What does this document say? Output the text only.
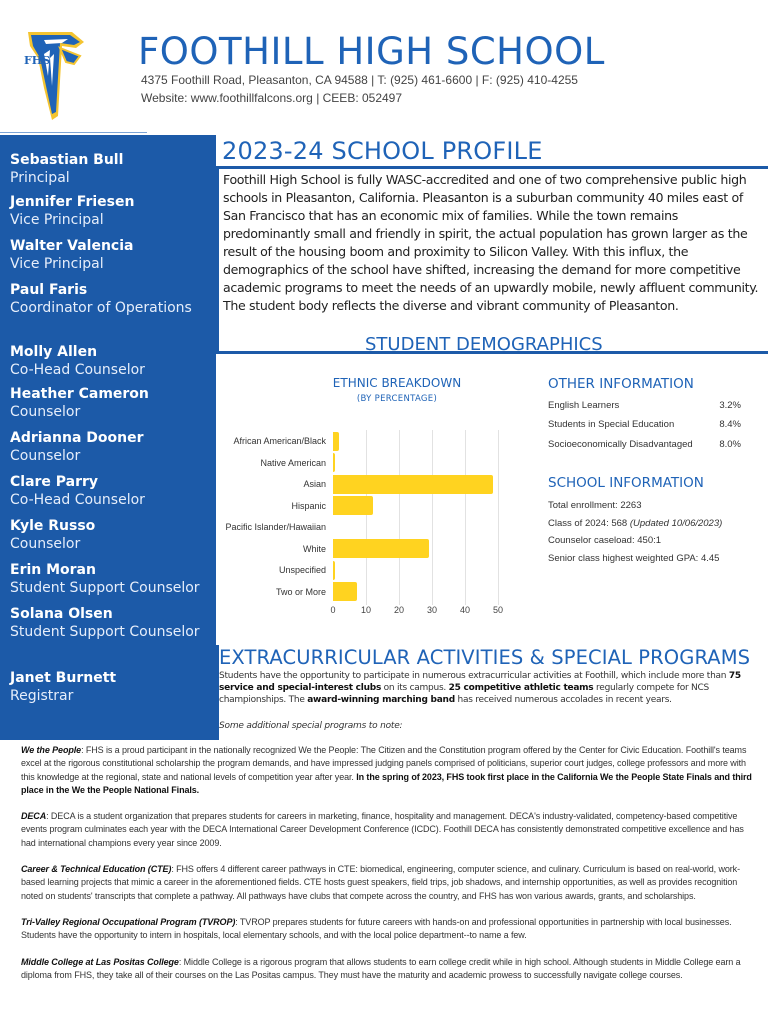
FHS FOOTHILL HIGH SCHOOL
4375 Foothill Road, Pleasanton, CA 94588 | T: (925) 461-6600 | F: (925) 410-4255
Website: www.foothillfalcons.org | CEEB: 052497
Sebastian Bull
Principal
Jennifer Friesen
Vice Principal
Walter Valencia
Vice Principal
Paul Faris
Coordinator of Operations
Molly Allen
Co-Head Counselor
Heather Cameron
Counselor
Adrianna Dooner
Counselor
Clare Parry
Co-Head Counselor
Kyle Russo
Counselor
Erin Moran
Student Support Counselor
Solana Olsen
Student Support Counselor
Janet Burnett
Registrar
2023-24 SCHOOL PROFILE
Foothill High School is fully WASC-accredited and one of two comprehensive public high schools in Pleasanton, California. Pleasanton is a suburban community 40 miles east of San Francisco that has an economic mix of families. While the town remains predominantly small and friendly in spirit, the actual population has grown larger as the result of the housing boom and proximity to Silicon Valley. With this influx, the demographics of the school have shifted, increasing the demand for more competitive academic programs to meet the needs of an upwardly mobile, newly affluent community. The student body reflects the diverse and vibrant community of Pleasanton.
STUDENT DEMOGRAPHICS
ETHNIC BREAKDOWN
(BY PERCENTAGE)
African American/Black
Native American
Asian
Hispanic
Pacific Islander/Hawaiian
White
Unspecified
Two or More
0	10	20	30	40	50
OTHER INFORMATION
English Learners	3.2%
Students in Special Education	8.4%
Socioeconomically Disadvantaged	8.0%
SCHOOL INFORMATION
Total enrollment: 2263
Class of 2024: 568 (Updated 10/06/2023)
Counselor caseload: 450:1
Senior class highest weighted GPA: 4.45
EXTRACURRICULAR ACTIVITIES & SPECIAL PROGRAMS
Students have the opportunity to participate in numerous extracurricular activities at Foothill, which include more than 75 service and special-interest clubs on its campus. 25 competitive athletic teams regularly compete for NCS championships. The award-winning marching band has received numerous accolades in recent years.
Some additional special programs to note:
We the People: FHS is a proud participant in the nationally recognized We the People: The Citizen and the Constitution program offered by the Center for Civic Education. Foothill's teams excel at the rigorous constitutional scholarship the program demands, and have impressed judging panels comprised of politicians, superior court judges, college professors and more with this knowledge at the regional, state and national levels of competition year after year. In the spring of 2023, FHS took first place in the California We the People State Finals and third place in the We the People National Finals.
DECA: DECA is a student organization that prepares students for careers in marketing, finance, hospitality and management. DECA's industry-validated, competency-based competitive events program culminates each year with the DECA International Career Development Conference (ICDC). Foothill DECA has consistently demonstrated competitive excellence and has had international champions every year since 2009.
Career & Technical Education (CTE): FHS offers 4 different career pathways in CTE: biomedical, engineering, computer science, and culinary. Curriculum is based on real-world, work-based learning projects that mimic a career in the aforementioned fields. CTE hosts guest speakers, field trips, job shadows, and internship opportunities, as well as provides recognition noted on students' transcripts that complete a pathway. All pathways have clubs that compete across the country, and FHS has won various awards, grants, and scholarships.
Tri-Valley Regional Occupational Program (TVROP): TVROP prepares students for future careers with hands-on and professional opportunities in partnership with local businesses. Students have the opportunity to intern in hospitals, local elementary schools, and with the local police department--to name a few.
Middle College at Las Positas College: Middle College is a rigorous program that allows students to earn college credit while in high school. Although students in Middle College earn a diploma from FHS, they take all of their courses on the Las Positas campus. They must have the maturity and academic prowess to successfully navigate college courses.
